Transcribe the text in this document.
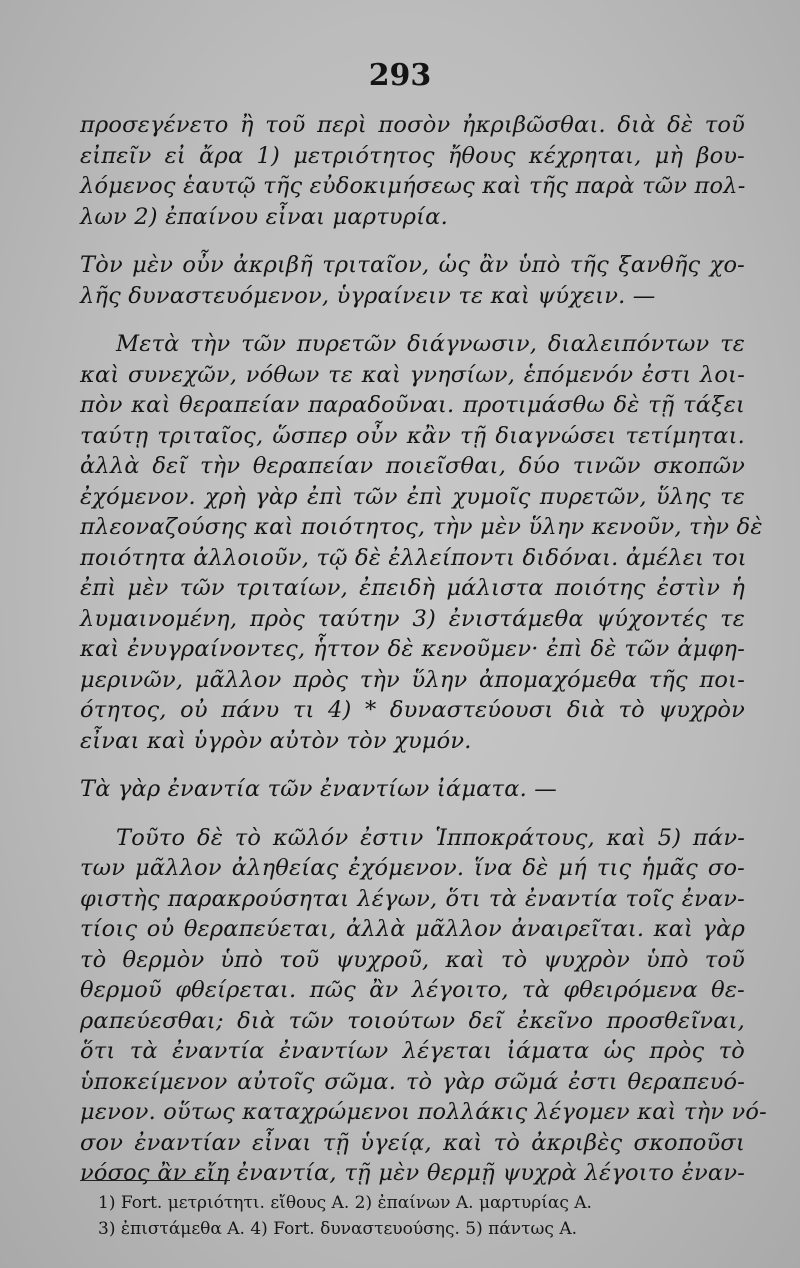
293
προσεγένετο ἢ τοῦ περὶ ποσὸν ἠκριβῶσθαι. διὰ δὲ τοῦ
εἰπεῖν εἰ ἄρα 1) μετριότητος ἤθους κέχρηται, μὴ βου-
λόμενος ἑαυτῷ τῆς εὐδοκιμήσεως καὶ τῆς παρὰ τῶν πολ-
λων 2) ἐπαίνου εἶναι μαρτυρία.
Τὸν μὲν οὖν ἀκριβῆ τριταῖον, ὡς ἂν ὑπὸ τῆς ξανθῆς χο-
λῆς δυναστευόμενον, ὑγραίνειν τε καὶ ψύχειν. —
Μετὰ τὴν τῶν πυρετῶν διάγνωσιν, διαλειπόντων τε
καὶ συνεχῶν, νόθων τε καὶ γνησίων, ἑπόμενόν ἐστι λοι-
πὸν καὶ θεραπείαν παραδοῦναι. προτιμάσθω δὲ τῇ τάξει
ταύτῃ τριταῖος, ὥσπερ οὖν κἂν τῇ διαγνώσει τετίμηται.
ἀλλὰ δεῖ τὴν θεραπείαν ποιεῖσθαι, δύο τινῶν σκοπῶν
ἐχόμενον. χρὴ γὰρ ἐπὶ τῶν ἐπὶ χυμοῖς πυρετῶν, ὕλης τε
πλεοναζούσης καὶ ποιότητος, τὴν μὲν ὕλην κενοῦν, τὴν δὲ
ποιότητα ἀλλοιοῦν, τῷ δὲ ἐλλείποντι διδόναι. ἀμέλει τοι
ἐπὶ μὲν τῶν τριταίων, ἐπειδὴ μάλιστα ποιότης ἐστὶν ἡ
λυμαινομένη, πρὸς ταύτην 3) ἐνιστάμεθα ψύχοντές τε
καὶ ἐνυγραίνοντες, ἧττον δὲ κενοῦμεν· ἐπὶ δὲ τῶν ἀμφη-
μερινῶν, μᾶλλον πρὸς τὴν ὕλην ἀπομαχόμεθα τῆς ποι-
ότητος, οὐ πάνυ τι 4) * δυναστεύουσι διὰ τὸ ψυχρὸν
εἶναι καὶ ὑγρὸν αὐτὸν τὸν χυμόν.
Τὰ γὰρ ἐναντία τῶν ἐναντίων ἰάματα. —
Τοῦτο δὲ τὸ κῶλόν ἐστιν Ἱπποκράτους, καὶ 5) πάν-
των μᾶλλον ἀληθείας ἐχόμενον. ἵνα δὲ μή τις ἡμᾶς σο-
φιστὴς παρακρούσηται λέγων, ὅτι τὰ ἐναντία τοῖς ἐναν-
τίοις οὐ θεραπεύεται, ἀλλὰ μᾶλλον ἀναιρεῖται. καὶ γὰρ
τὸ θερμὸν ὑπὸ τοῦ ψυχροῦ, καὶ τὸ ψυχρὸν ὑπὸ τοῦ
θερμοῦ φθείρεται. πῶς ἂν λέγοιτο, τὰ φθειρόμενα θε-
ραπεύεσθαι; διὰ τῶν τοιούτων δεῖ ἐκεῖνο προσθεῖναι,
ὅτι τὰ ἐναντία ἐναντίων λέγεται ἰάματα ὡς πρὸς τὸ
ὑποκείμενον αὐτοῖς σῶμα. τὸ γὰρ σῶμά ἐστι θεραπευό-
μενον. οὕτως καταχρώμενοι πολλάκις λέγομεν καὶ τὴν νό-
σον ἐναντίαν εἶναι τῇ ὑγείᾳ, καὶ τὸ ἀκριβὲς σκοποῦσι
νόσος ἂν εἴη ἐναντία, τῇ μὲν θερμῇ ψυχρὰ λέγοιτο ἐναν-
1) Fort. μετριότητι. εἴθους A. 2) ἐπαίνων A. μαρτυρίας A.
3) ἐπιστάμεθα A. 4) Fort. δυναστευούσης. 5) πάντως A.
